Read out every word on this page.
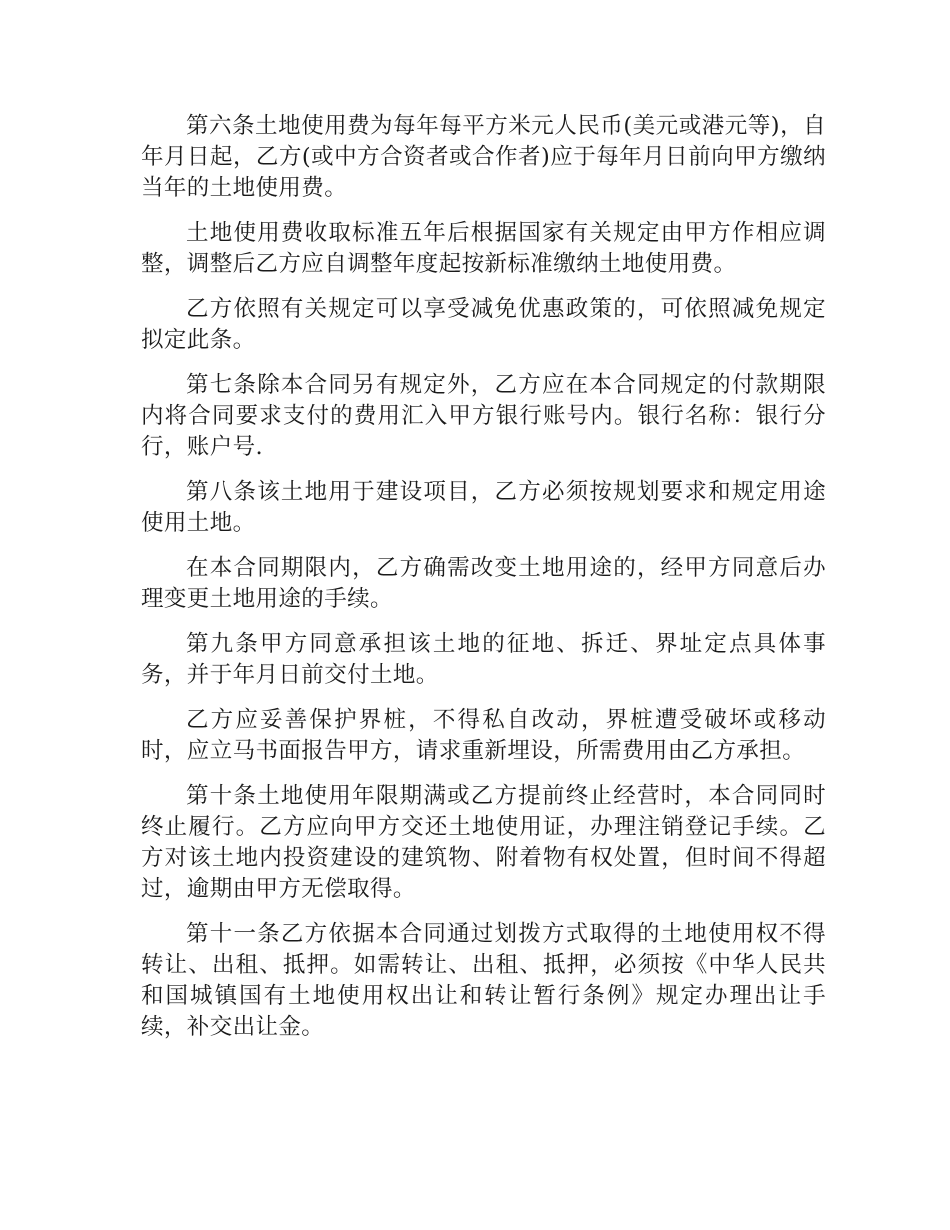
第六条土地使用费为每年每平方米元人民币(美元或港元等)，自年月日起，乙方(或中方合资者或合作者)应于每年月日前向甲方缴纳当年的土地使用费。

土地使用费收取标准五年后根据国家有关规定由甲方作相应调整，调整后乙方应自调整年度起按新标准缴纳土地使用费。

乙方依照有关规定可以享受减免优惠政策的，可依照减免规定拟定此条。

第七条除本合同另有规定外，乙方应在本合同规定的付款期限内将合同要求支付的费用汇入甲方银行账号内。银行名称：银行分行，账户号.

第八条该土地用于建设项目，乙方必须按规划要求和规定用途使用土地。

在本合同期限内，乙方确需改变土地用途的，经甲方同意后办理变更土地用途的手续。

第九条甲方同意承担该土地的征地、拆迁、界址定点具体事务，并于年月日前交付土地。

乙方应妥善保护界桩，不得私自改动，界桩遭受破坏或移动时，应立马书面报告甲方，请求重新埋设，所需费用由乙方承担。

第十条土地使用年限期满或乙方提前终止经营时，本合同同时终止履行。乙方应向甲方交还土地使用证，办理注销登记手续。乙方对该土地内投资建设的建筑物、附着物有权处置，但时间不得超过，逾期由甲方无偿取得。

第十一条乙方依据本合同通过划拨方式取得的土地使用权不得转让、出租、抵押。如需转让、出租、抵押，必须按《中华人民共和国城镇国有土地使用权出让和转让暂行条例》规定办理出让手续，补交出让金。
